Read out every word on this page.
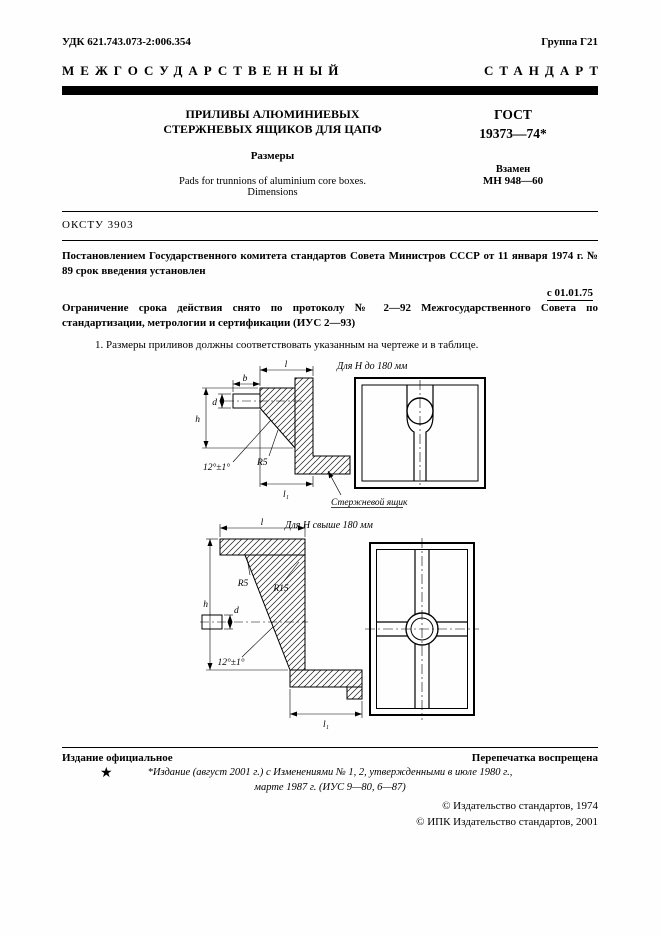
УДК 621.743.073-2:006.354	Группа Г21
МЕЖГОСУДАРСТВЕННЫЙ	СТАНДАРТ
ПРИЛИВЫ АЛЮМИНИЕВЫХ
СТЕРЖНЕВЫХ ЯЩИКОВ ДЛЯ ЦАПФ
Размеры
Pads for trunnions of aluminium core boxes.
Dimensions
ГОСТ
19373—74*
Взамен
МН 948—60
ОКСТУ 3903
Постановлением Государственного комитета стандартов Совета Министров СССР от 11 января 1974 г. № 89 срок введения установлен
с 01.01.75
Ограничение срока действия снято по протоколу № 2—92 Межгосударственного Совета по стандартизации, метрологии и сертификации (ИУС 2—93)
1. Размеры приливов должны соответствовать указанным на чертеже и в таблице.
Для Н до 180 мм
l
b
d
h
l₁
R5
12°±1°
Стержневой ящик
Для Н свыше 180 мм
l
h
R5	R15
12°±1°
d
l₁
Издание официальное	Перепечатка воспрещена
★	*Издание (август 2001 г.) с Изменениями № 1, 2, утвержденными в июле 1980 г.,
марте 1987 г. (ИУС 9—80, 6—87)
© Издательство стандартов, 1974
© ИПК Издательство стандартов, 2001
